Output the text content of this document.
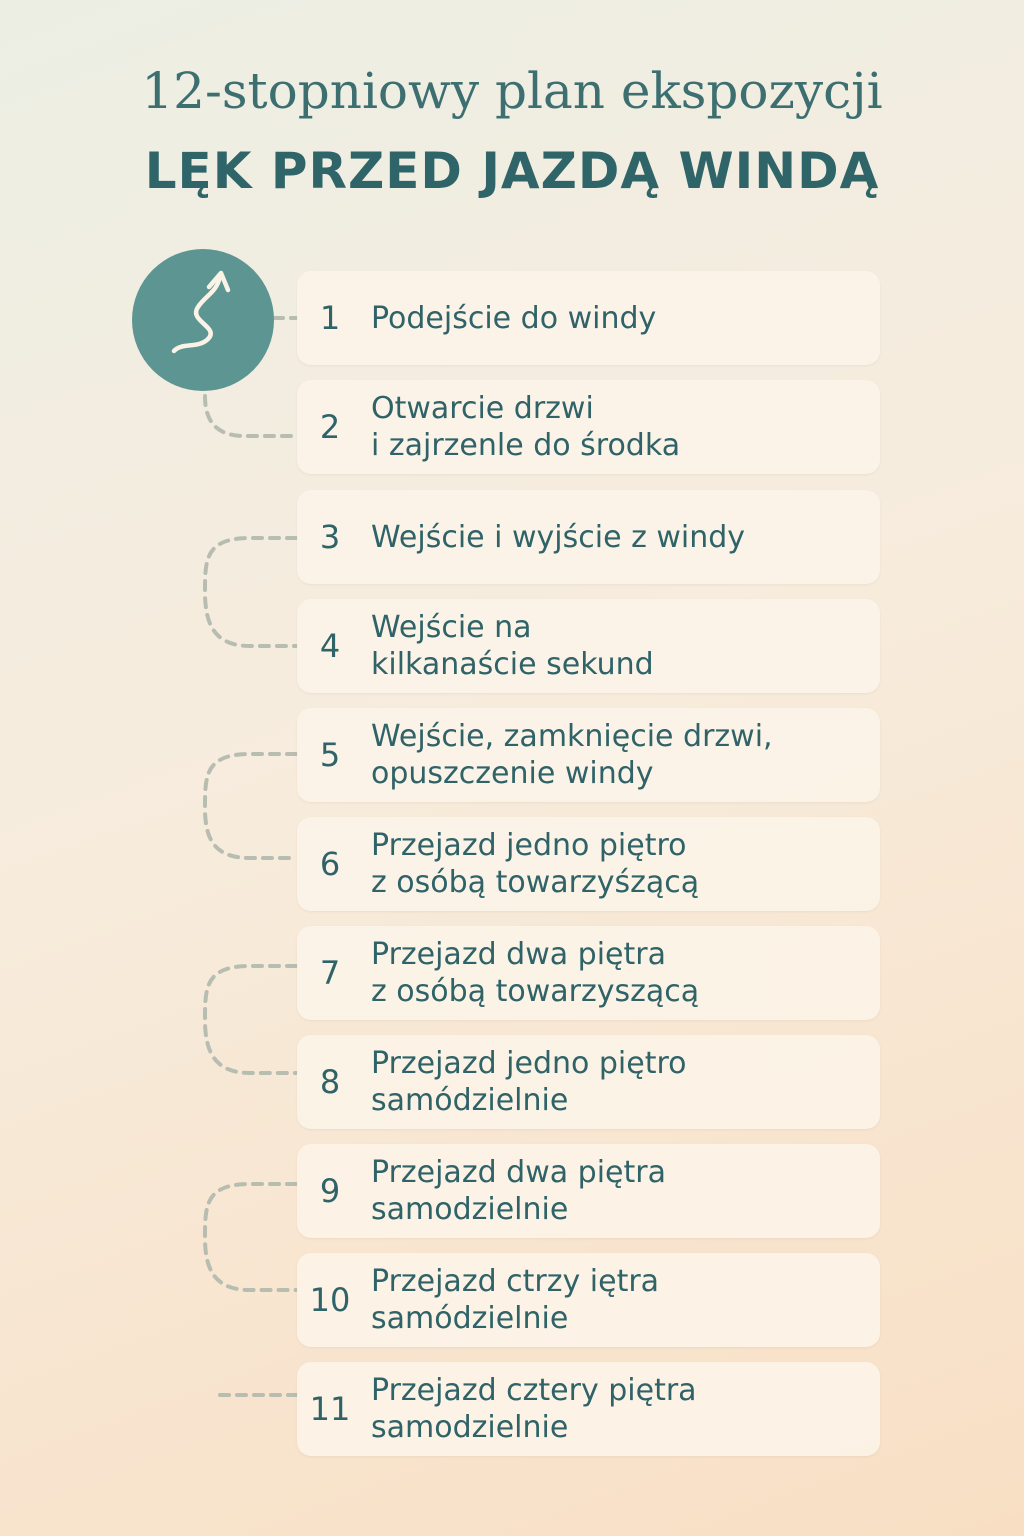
12-stopniowy plan ekspozycji
LĘK PRZED JAZDĄ WINDĄ
1	Podejście do windy
2	Otwarcie drzwi
i zajrzenle do środka
3	Wejście i wyjście z windy
4	Wejście na
kilkanaście sekund
5	Wejście, zamknięcie drzwi,
opuszczenie windy
6	Przejazd jedno piętro
z osóbą towarzyśzącą
7	Przejazd dwa piętra
z osóbą towarzyszącą
8	Przejazd jedno piętro
samódzielnie
9	Przejazd dwa piętra
samodzielnie
10 Przejazd ctrzy iętra
samódzielnie
11 Przejazd cztery piętra
samodzielnie
